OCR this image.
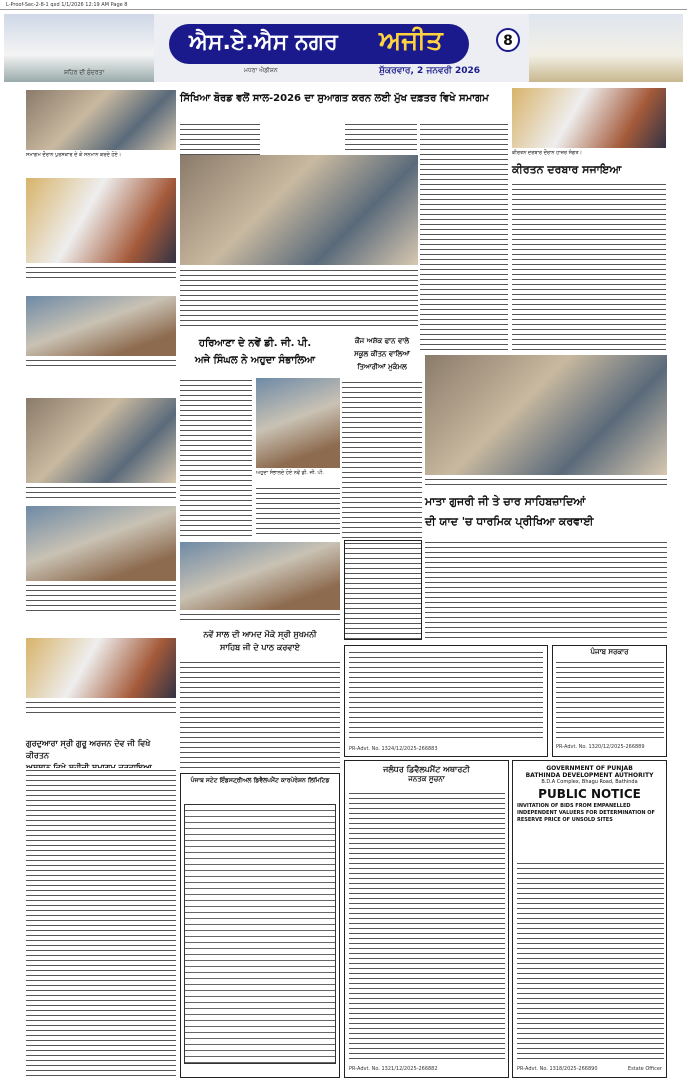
L-Proof-Sec-2-8-1 qxd 1/1/2026 12:19 AM Page 8
ਸ਼ਹਿਰ ਦੀ ਸੁੰਦਰਤਾ
ਐਸ.ਏ.ਐਸ ਨਗਰ ਅਜੀਤ
ਮਧਰਾ ਐਡੀਸ਼ਨ	ਸ਼ੁੱਕਰਵਾਰ, 2 ਜਨਵਰੀ 2026
8
ਸਮਾਗਮ ਦੌਰਾਨ ਪੁਰਸਕਾਰ ਦੇ ਕੇ ਸਨਮਾਨ ਕਰਦੇ ਹੋਏ।
ਗੁਰਦੁਆਰਾ ਸ੍ਰੀ ਗੁਰੂ ਅਰਜਨ ਦੇਵ ਜੀ ਵਿਖੇ ਕੀਰਤਨ
ਸਿੱਖਿਆ ਬੋਰਡ ਵਲੋਂ ਸਾਲ-2026 ਦਾ ਸੁਆਗਤ ਕਰਨ ਲਈ ਮੁੱਖ ਦਫ਼ਤਰ ਵਿਖੇ ਸਮਾਗਮ
ਕੀਰਤਨ ਦਰਬਾਰ ਦੌਰਾਨ ਹਾਜ਼ਰ ਸੰਗਤ।
ਕੀਰਤਨ ਦਰਬਾਰ ਸਜਾਇਆ
ਹਰਿਆਣਾ ਦੇ ਨਵੇਂ ਡੀ. ਜੀ. ਪੀ.
ਅਜੇ ਸਿੰਘਲ ਨੇ ਅਹੁਦਾ ਸੰਭਾਲਿਆ
ਅਹੁਦਾ ਸੰਭਾਲਦੇ ਹੋਏ ਨਵੇਂ ਡੀ. ਜੀ. ਪੀ.
ਕੌਂਜ ਅਸ਼ੱਕ ਫਾਨ ਵਾਲੇ
ਸਕੂਲ ਕੀਤਨ ਵਾਲਿਆਂ
ਤਿਆਰੀਆਂ ਮੁਕੰਮਲ
ਮਾਤਾ ਗੁਜਰੀ ਜੀ ਤੇ ਚਾਰ ਸਾਹਿਬਜ਼ਾਦਿਆਂ
ਦੀ ਯਾਦ 'ਚ ਧਾਰਮਿਕ ਪ੍ਰੀਖਿਆ ਕਰਵਾਈ
ਨਵੇਂ ਸਾਲ ਦੀ ਆਮਦ ਮੌਕੇ ਸ੍ਰੀ ਸੁਖਮਨੀ
ਸਾਹਿਬ ਜੀ ਦੇ ਪਾਠ ਕਰਵਾਏ
PR-Advt. No. 1324/12/2025-266883
ਪੰਜਾਬ ਸਰਕਾਰ
PR-Advt. No. 1320/12/2025-266889
ਪੰਜਾਬ ਸਟੇਟ ਇੰਡਸਟ੍ਰੀਅਲ ਡਿਵੈਲਪਮੈਂਟ ਕਾਰਪੋਰੇਸ਼ਨ ਲਿਮਿਟਿਡ
ਜਲੰਧਰ ਡਿਵੈਲਪਮੈਂਟ ਅਥਾਰਟੀ
ਜਨਤਕ ਸੂਚਨਾ
PR-Advt. No. 1321/12/2025-266882
GOVERNMENT OF PUNJAB
BATHINDA DEVELOPMENT AUTHORITY
B.D.A Complex, Bhagu Road, Bathinda
PUBLIC NOTICE
INVITATION OF BIDS FROM EMPANELLED INDEPENDENT VALUERS FOR DETERMINATION OF RESERVE PRICE OF UNSOLD SITES
PR-Advt. No. 1318/2025-266890	Estate Officer
